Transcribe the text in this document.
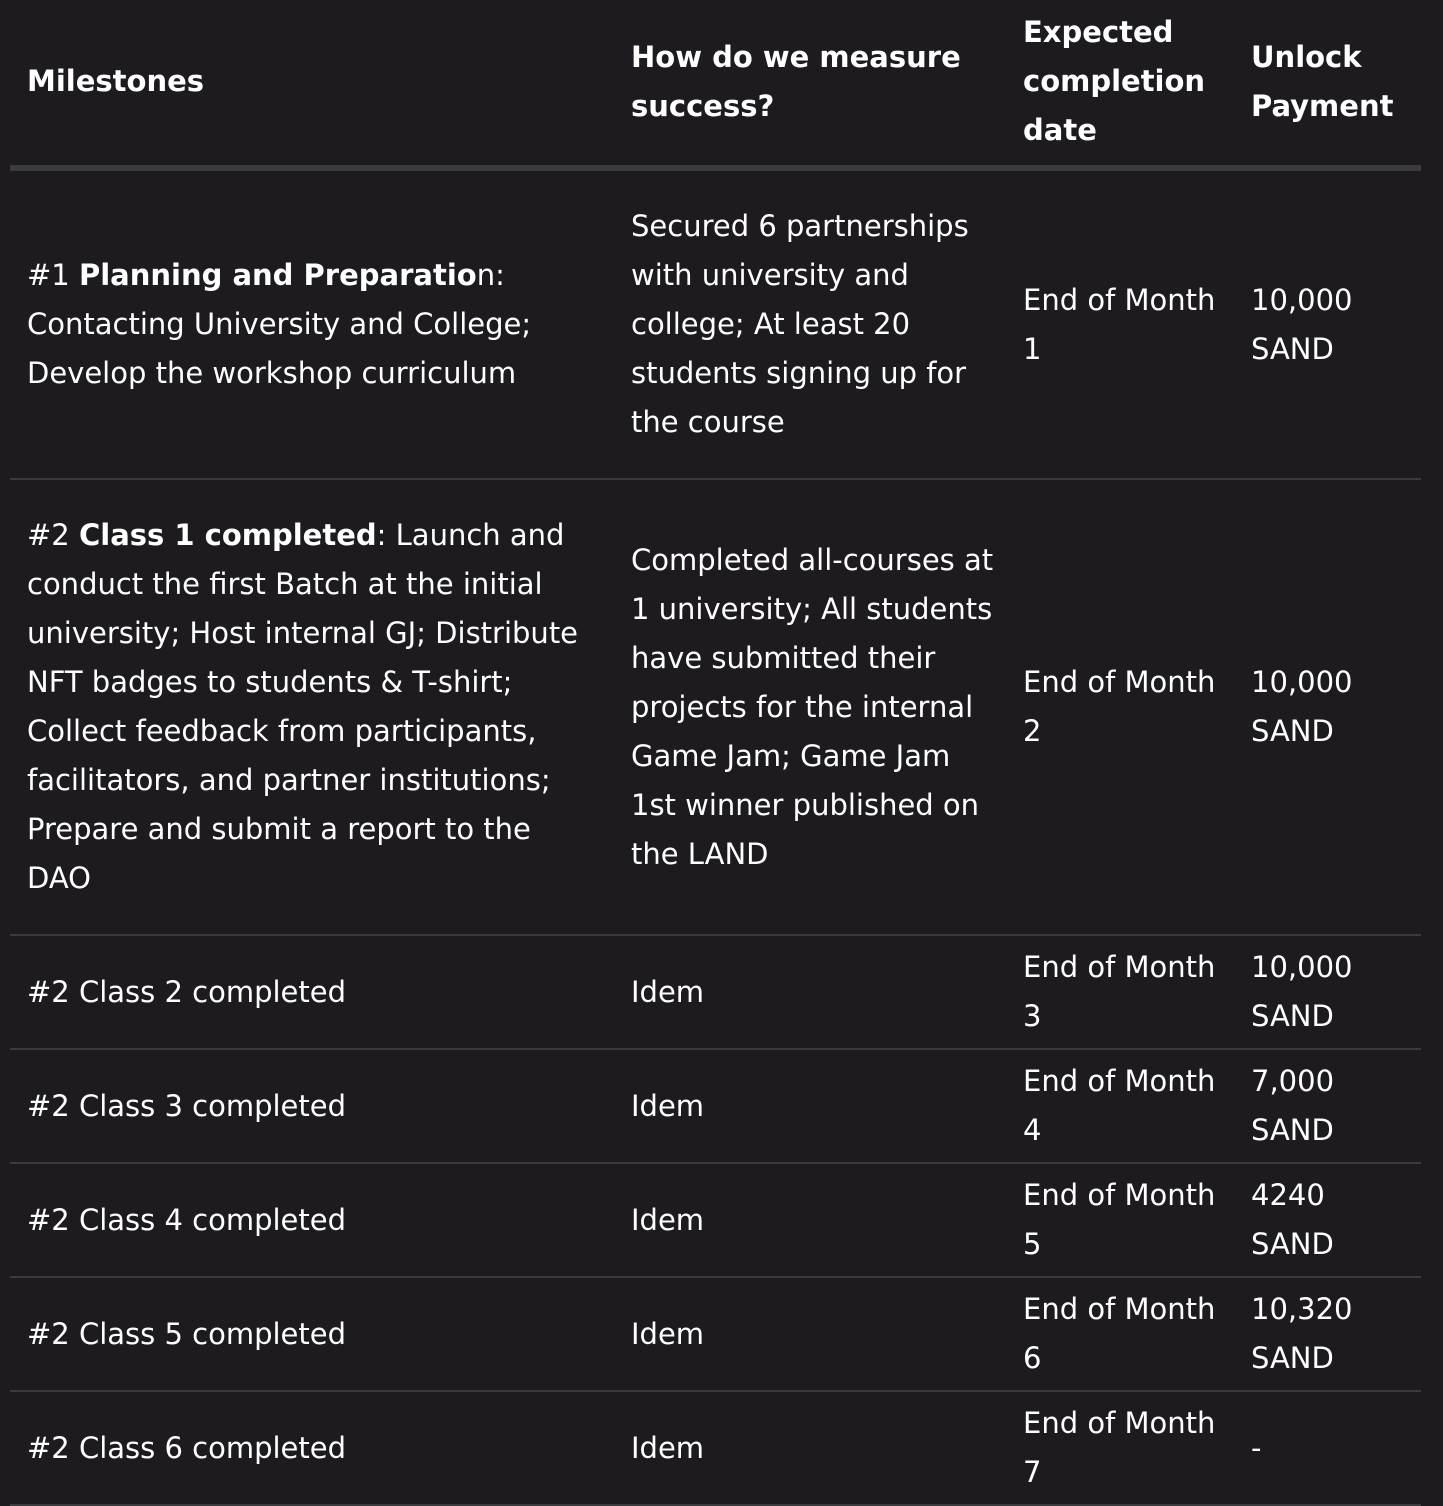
Milestones	How do we measure success?	Expected completion date	Unlock Payment
#1 Planning and Preparation: Contacting University and College; Develop the workshop curriculum	Secured 6 partnerships with university and college; At least 20 students signing up for the course	End of Month 1	10,000 SAND
#2 Class 1 completed: Launch and conduct the first Batch at the initial university; Host internal GJ; Distribute NFT badges to students & T-shirt; Collect feedback from participants, facilitators, and partner institutions; Prepare and submit a report to the DAO	Completed all-courses at 1 university; All students have submitted their projects for the internal Game Jam; Game Jam 1st winner published on the LAND	End of Month 2	10,000 SAND
#2 Class 2 completed	Idem	End of Month 3	10,000 SAND
#2 Class 3 completed	Idem	End of Month 4	7,000 SAND
#2 Class 4 completed	Idem	End of Month 5	4240 SAND
#2 Class 5 completed	Idem	End of Month 6	10,320 SAND
#2 Class 6 completed	Idem	End of Month 7	-
